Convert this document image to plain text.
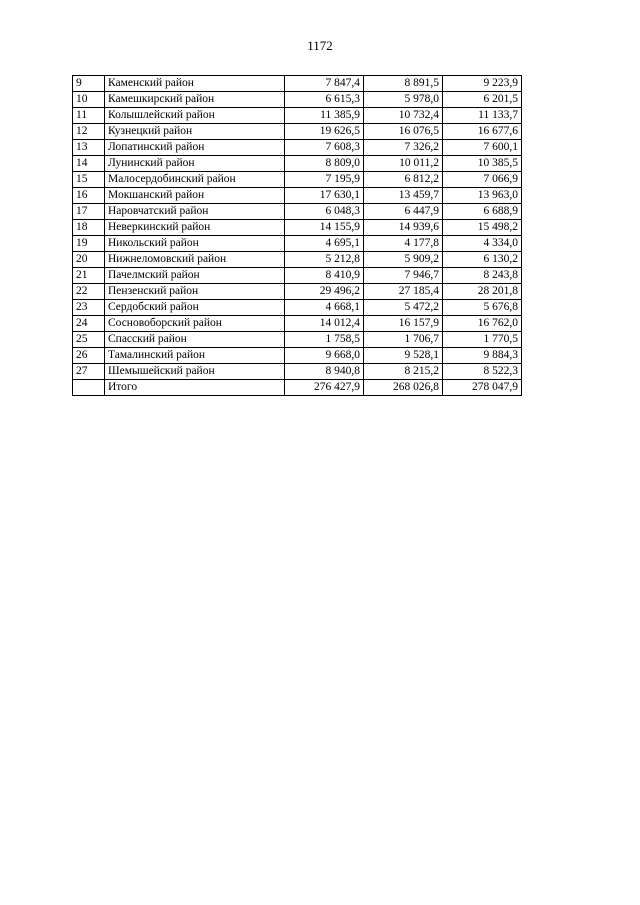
1172
9	Каменский район	7 847,4	8 891,5	9 223,9
10	Камешкирский район	6 615,3	5 978,0	6 201,5
11	Колышлейский район	11 385,9	10 732,4	11 133,7
12	Кузнецкий район	19 626,5	16 076,5	16 677,6
13	Лопатинский район	7 608,3	7 326,2	7 600,1
14	Лунинский район	8 809,0	10 011,2	10 385,5
15	Малосердобинский район	7 195,9	6 812,2	7 066,9
16	Мокшанский район	17 630,1	13 459,7	13 963,0
17	Наровчатский район	6 048,3	6 447,9	6 688,9
18	Неверкинский район	14 155,9	14 939,6	15 498,2
19	Никольский район	4 695,1	4 177,8	4 334,0
20	Нижнеломовский район	5 212,8	5 909,2	6 130,2
21	Пачелмский район	8 410,9	7 946,7	8 243,8
22	Пензенский район	29 496,2	27 185,4	28 201,8
23	Сердобский район	4 668,1	5 472,2	5 676,8
24	Сосновоборский район	14 012,4	16 157,9	16 762,0
25	Спасский район	1 758,5	1 706,7	1 770,5
26	Тамалинский район	9 668,0	9 528,1	9 884,3
27	Шемышейский район	8 940,8	8 215,2	8 522,3
	Итого	276 427,9	268 026,8	278 047,9
